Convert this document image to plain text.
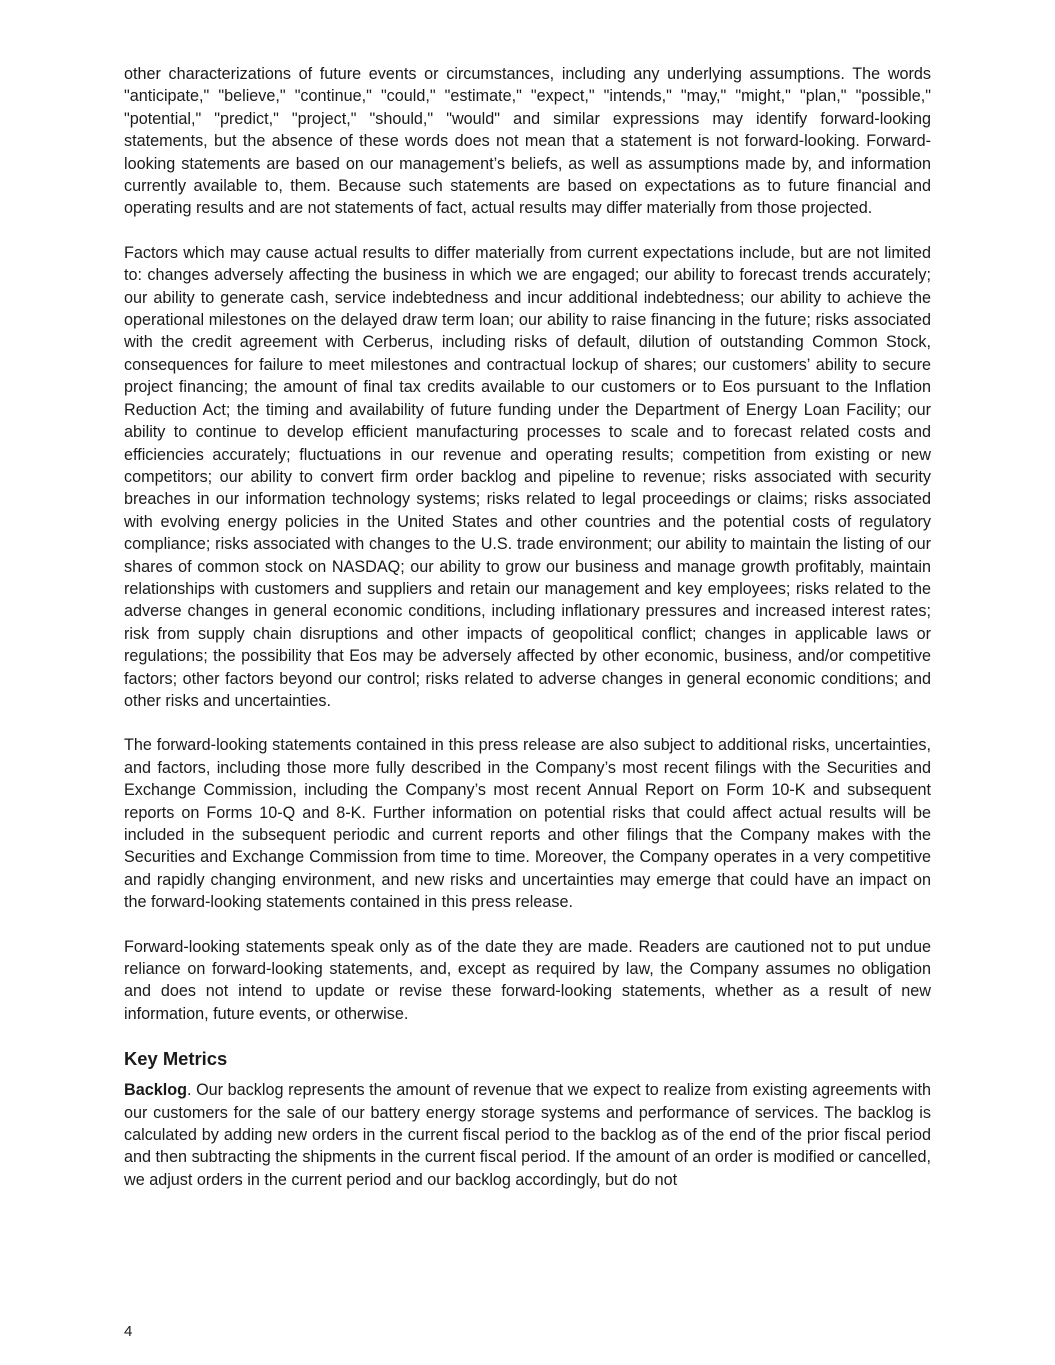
other characterizations of future events or circumstances, including any underlying assumptions. The words "anticipate," "believe," "continue," "could," "estimate," "expect," "intends," "may," "might," "plan," "possible," "potential," "predict," "project," "should," "would" and similar expressions may identify forward-looking statements, but the absence of these words does not mean that a statement is not forward-looking. Forward-looking statements are based on our management’s beliefs, as well as assumptions made by, and information currently available to, them. Because such statements are based on expectations as to future financial and operating results and are not statements of fact, actual results may differ materially from those projected.

Factors which may cause actual results to differ materially from current expectations include, but are not limited to: changes adversely affecting the business in which we are engaged; our ability to forecast trends accurately; our ability to generate cash, service indebtedness and incur additional indebtedness; our ability to achieve the operational milestones on the delayed draw term loan; our ability to raise financing in the future; risks associated with the credit agreement with Cerberus, including risks of default, dilution of outstanding Common Stock, consequences for failure to meet milestones and contractual lockup of shares; our customers’ ability to secure project financing; the amount of final tax credits available to our customers or to Eos pursuant to the Inflation Reduction Act; the timing and availability of future funding under the Department of Energy Loan Facility; our ability to continue to develop efficient manufacturing processes to scale and to forecast related costs and efficiencies accurately; fluctuations in our revenue and operating results; competition from existing or new competitors; our ability to convert firm order backlog and pipeline to revenue; risks associated with security breaches in our information technology systems; risks related to legal proceedings or claims; risks associated with evolving energy policies in the United States and other countries and the potential costs of regulatory compliance; risks associated with changes to the U.S. trade environment; our ability to maintain the listing of our shares of common stock on NASDAQ; our ability to grow our business and manage growth profitably, maintain relationships with customers and suppliers and retain our management and key employees; risks related to the adverse changes in general economic conditions, including inflationary pressures and increased interest rates; risk from supply chain disruptions and other impacts of geopolitical conflict; changes in applicable laws or regulations; the possibility that Eos may be adversely affected by other economic, business, and/or competitive factors; other factors beyond our control; risks related to adverse changes in general economic conditions; and other risks and uncertainties.

The forward-looking statements contained in this press release are also subject to additional risks, uncertainties, and factors, including those more fully described in the Company’s most recent filings with the Securities and Exchange Commission, including the Company’s most recent Annual Report on Form 10-K and subsequent reports on Forms 10-Q and 8-K. Further information on potential risks that could affect actual results will be included in the subsequent periodic and current reports and other filings that the Company makes with the Securities and Exchange Commission from time to time. Moreover, the Company operates in a very competitive and rapidly changing environment, and new risks and uncertainties may emerge that could have an impact on the forward-looking statements contained in this press release.

Forward-looking statements speak only as of the date they are made. Readers are cautioned not to put undue reliance on forward-looking statements, and, except as required by law, the Company assumes no obligation and does not intend to update or revise these forward-looking statements, whether as a result of new information, future events, or otherwise.

Key Metrics

Backlog. Our backlog represents the amount of revenue that we expect to realize from existing agreements with our customers for the sale of our battery energy storage systems and performance of services. The backlog is calculated by adding new orders in the current fiscal period to the backlog as of the end of the prior fiscal period and then subtracting the shipments in the current fiscal period. If the amount of an order is modified or cancelled, we adjust orders in the current period and our backlog accordingly, but do not

4
